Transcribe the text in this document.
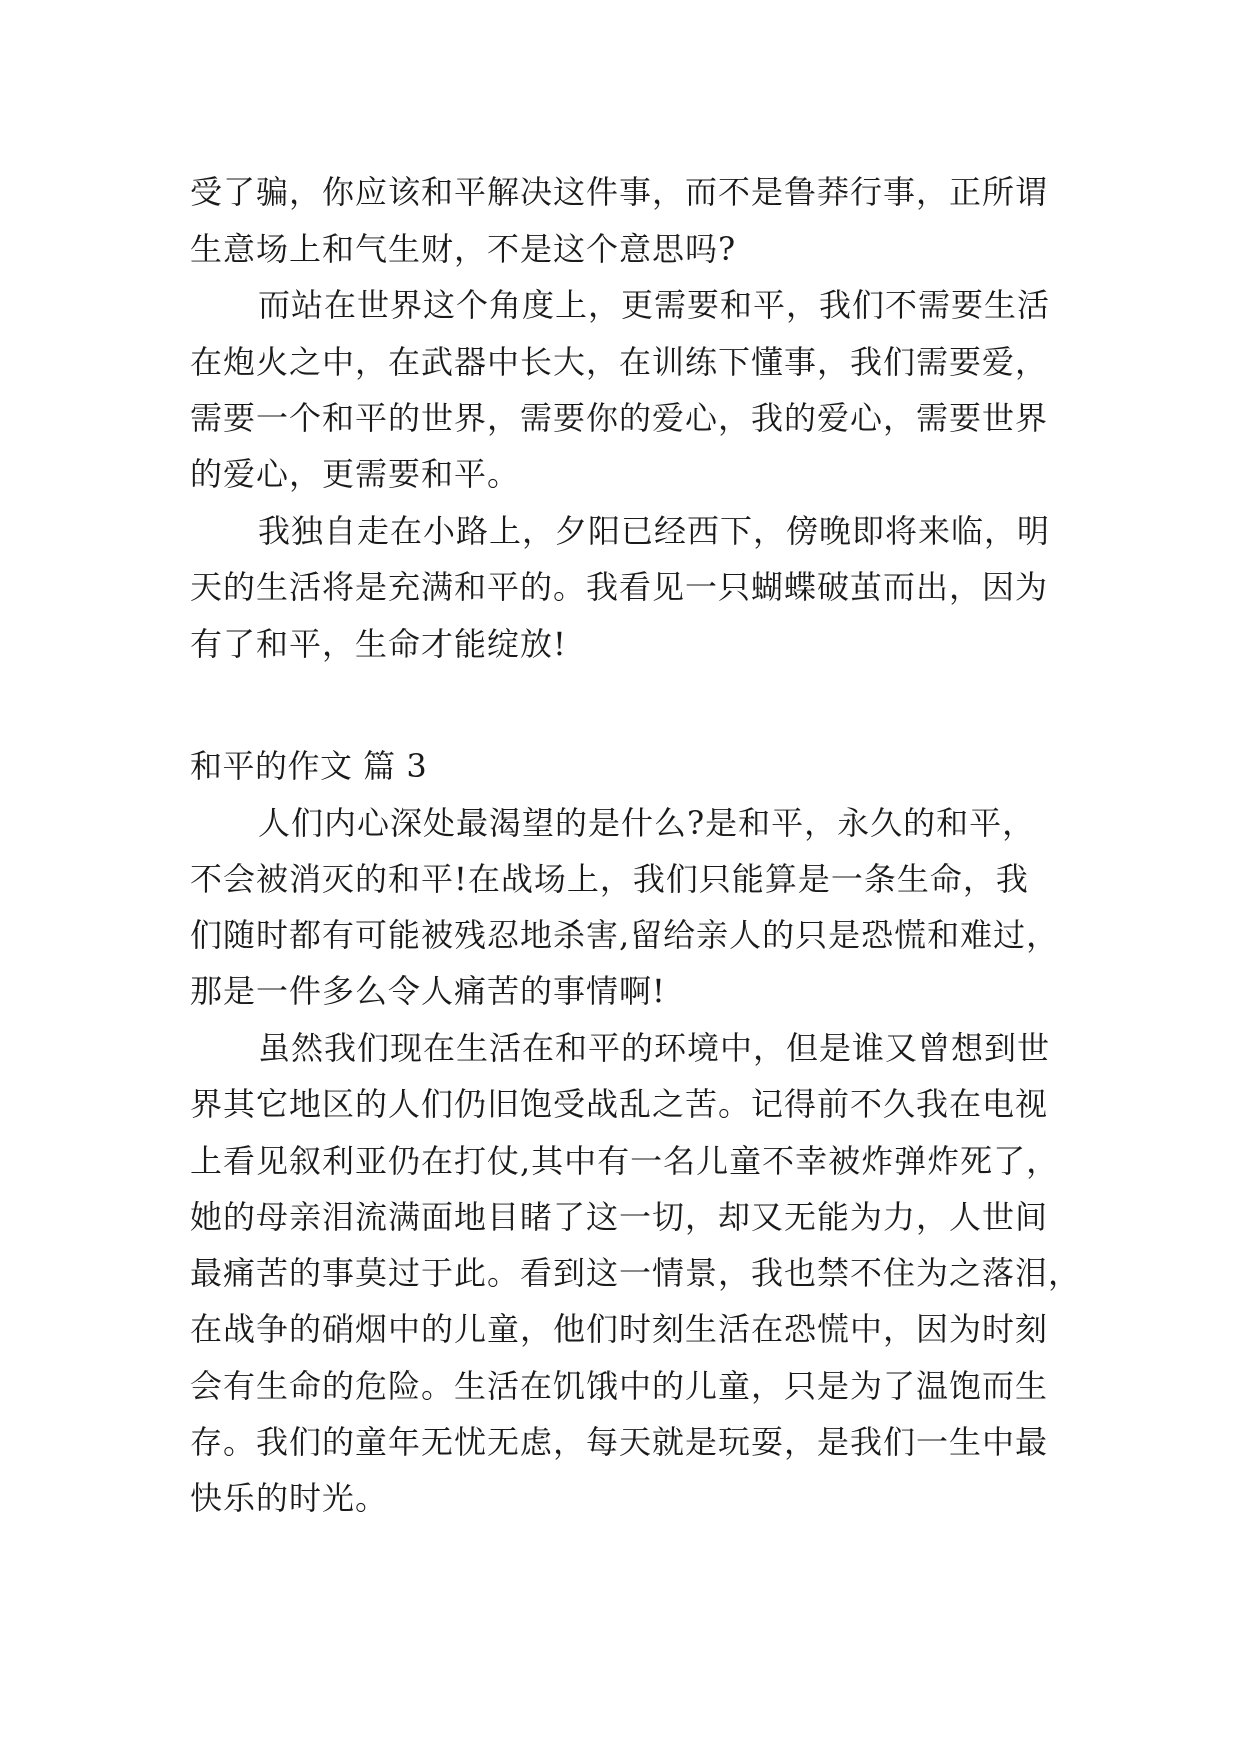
受了骗，你应该和平解决这件事，而不是鲁莽行事，正所谓
生意场上和气生财，不是这个意思吗?
而站在世界这个角度上，更需要和平，我们不需要生活
在炮火之中，在武器中长大，在训练下懂事，我们需要爱，
需要一个和平的世界，需要你的爱心，我的爱心，需要世界
的爱心，更需要和平。
我独自走在小路上，夕阳已经西下，傍晚即将来临，明
天的生活将是充满和平的。我看见一只蝴蝶破茧而出，因为
有了和平，生命才能绽放!
和平的作文 篇 3
人们内心深处最渴望的是什么?是和平，永久的和平，
不会被消灭的和平!在战场上，我们只能算是一条生命，我
们随时都有可能被残忍地杀害,留给亲人的只是恐慌和难过，
那是一件多么令人痛苦的事情啊!
虽然我们现在生活在和平的环境中，但是谁又曾想到世
界其它地区的人们仍旧饱受战乱之苦。记得前不久我在电视
上看见叙利亚仍在打仗,其中有一名儿童不幸被炸弹炸死了，
她的母亲泪流满面地目睹了这一切，却又无能为力，人世间
最痛苦的事莫过于此。看到这一情景，我也禁不住为之落泪，
在战争的硝烟中的儿童，他们时刻生活在恐慌中，因为时刻
会有生命的危险。生活在饥饿中的儿童，只是为了温饱而生
存。我们的童年无忧无虑，每天就是玩耍，是我们一生中最
快乐的时光。
